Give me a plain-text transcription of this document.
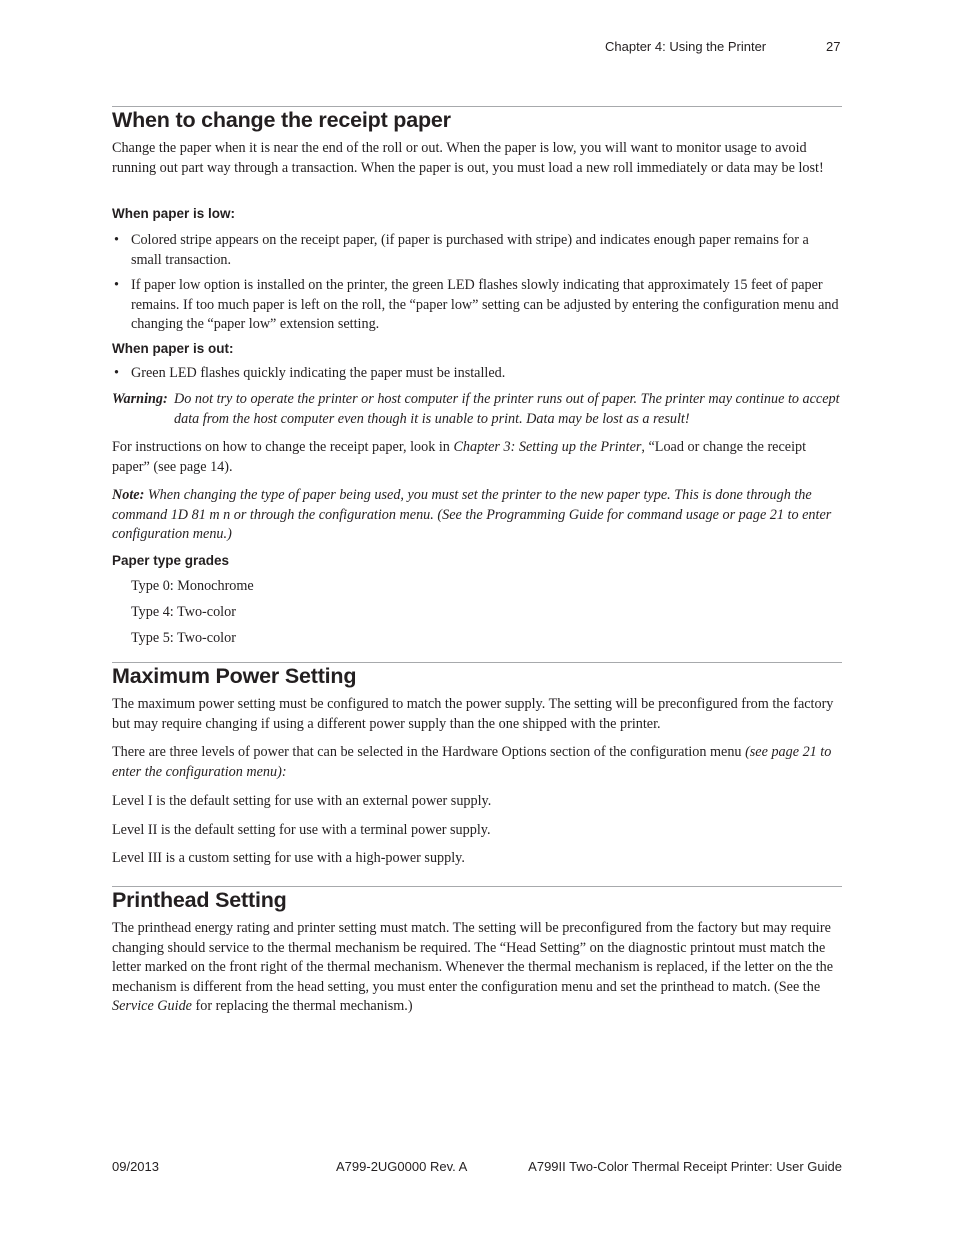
Chapter 4: Using the Printer	27
When to change the receipt paper

Change the paper when it is near the end of the roll or out. When the paper is low, you will want to monitor usage to avoid running out part way through a transaction. When the paper is out, you must load a new roll immediately or data may be lost!

When paper is low:
• Colored stripe appears on the receipt paper, (if paper is purchased with stripe) and indicates enough paper remains for a small transaction.
• If paper low option is installed on the printer, the green LED flashes slowly indicating that approximately 15 feet of paper remains. If too much paper is left on the roll, the “paper low” setting can be adjusted by entering the configuration menu and changing the “paper low” extension setting.
When paper is out:
• Green LED flashes quickly indicating the paper must be installed.
Warning: Do not try to operate the printer or host computer if the printer runs out of paper. The printer may continue to accept data from the host computer even though it is unable to print. Data may be lost as a result!

For instructions on how to change the receipt paper, look in Chapter 3: Setting up the Printer, “Load or change the receipt paper” (see page 14).

Note: When changing the type of paper being used, you must set the printer to the new paper type. This is done through the command 1D 81 m n or through the configuration menu. (See the Programming Guide for command usage or page 21 to enter configuration menu.)

Paper type grades
Type 0: Monochrome
Type 4: Two-color
Type 5: Two-color
Maximum Power Setting

The maximum power setting must be configured to match the power supply. The setting will be preconfigured from the factory but may require changing if using a different power supply than the one shipped with the printer.

There are three levels of power that can be selected in the Hardware Options section of the configuration menu (see page 21 to enter the configuration menu):

Level I is the default setting for use with an external power supply.

Level II is the default setting for use with a terminal power supply.

Level III is a custom setting for use with a high-power supply.

Printhead Setting

The printhead energy rating and printer setting must match. The setting will be preconfigured from the factory but may require changing should service to the thermal mechanism be required. The “Head Setting” on the diagnostic printout must match the letter marked on the front right of the thermal mechanism. Whenever the thermal mechanism is replaced, if the letter on the the mechanism is different from the head setting, you must enter the configuration menu and set the printhead to match. (See the Service Guide for replacing the thermal mechanism.)

09/2013	A799-2UG0000 Rev. A	A799II Two-Color Thermal Receipt Printer: User Guide
